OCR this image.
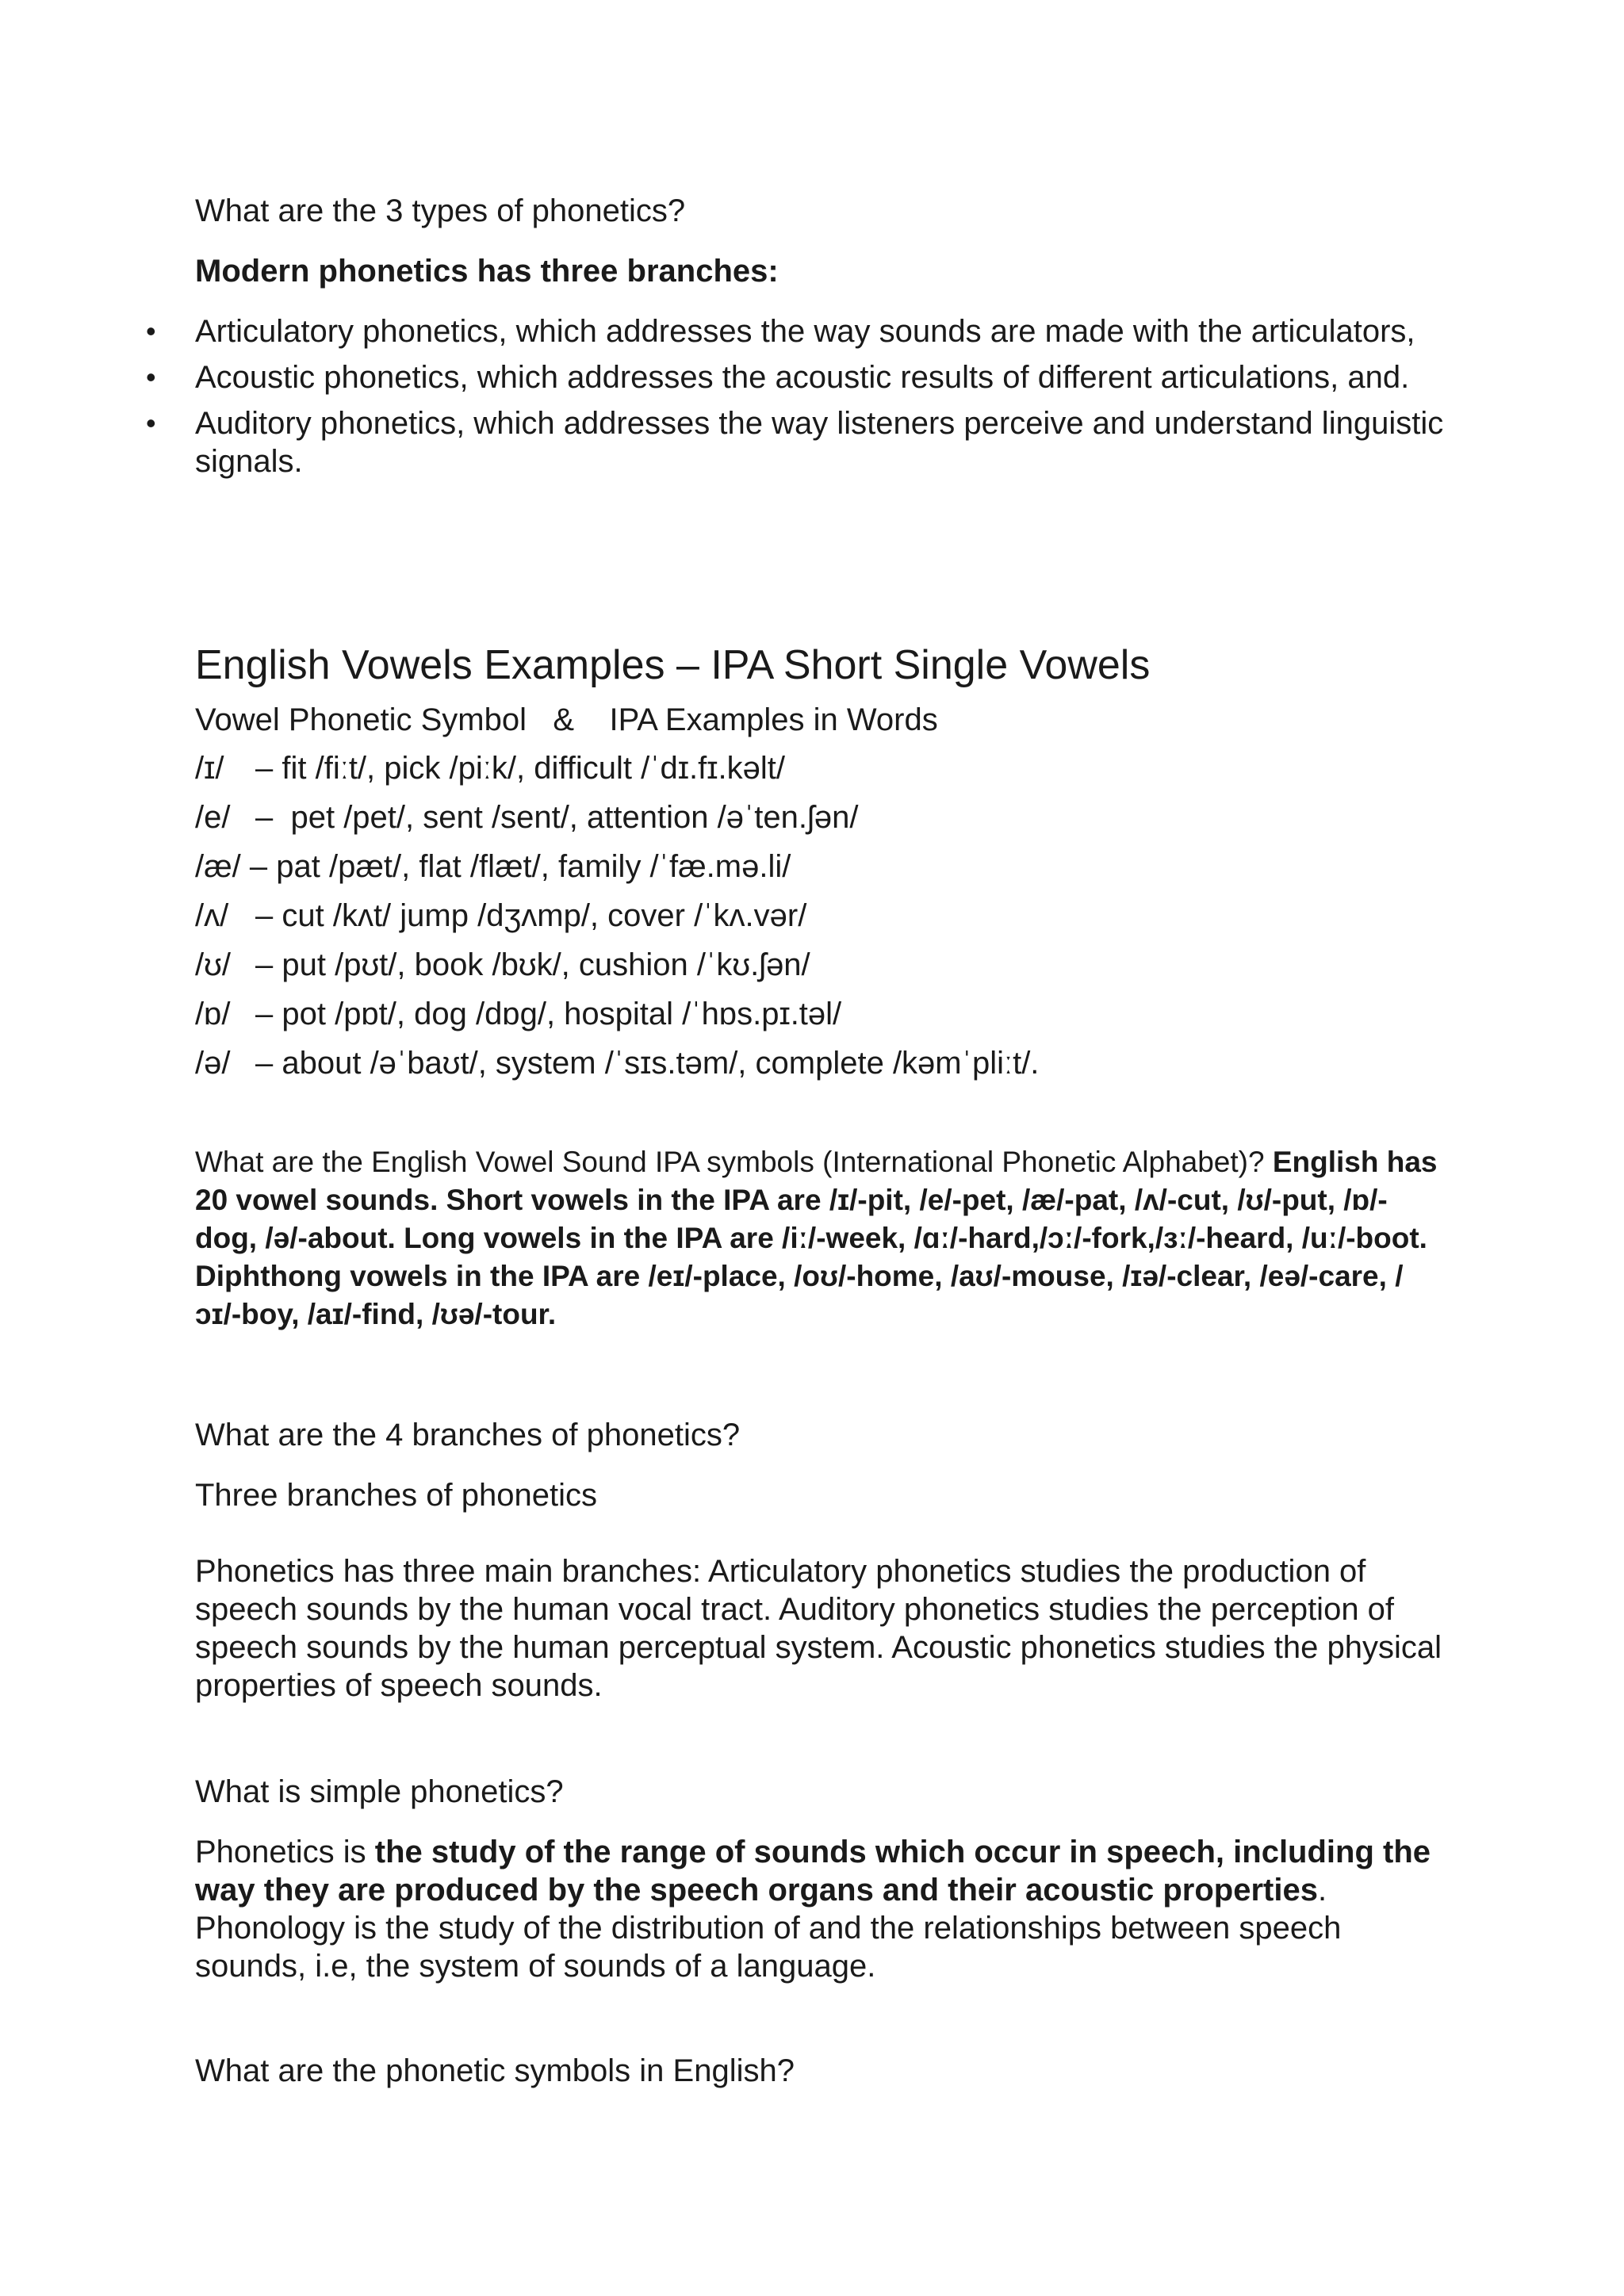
What are the 3 types of phonetics?
Modern phonetics has three branches:
• Articulatory phonetics, which addresses the way sounds are made with the articulators,
• Acoustic phonetics, which addresses the acoustic results of different articulations, and.
• Auditory phonetics, which addresses the way listeners perceive and understand linguistic signals.
English Vowels Examples – IPA Short Single Vowels
Vowel Phonetic Symbol   &    IPA Examples in Words
/ɪ/ – fit /fiːt/, pick /piːk/, difficult /ˈdɪ.fɪ.kəlt/
/e/ –  pet /pet/, sent /sent/, attention /əˈten.ʃən/
/æ/ – pat /pæt/, flat /flæt/, family /ˈfæ.mə.li/
/ʌ/ – cut /kʌt/ jump /dʒʌmp/, cover /ˈkʌ.vər/
/ʊ/ – put /pʊt/, book /bʊk/, cushion /ˈkʊ.ʃən/
/ɒ/ – pot /pɒt/, dog /dɒg/, hospital /ˈhɒs.pɪ.təl/
/ə/ – about /əˈbaʊt/, system /ˈsɪs.təm/, complete /kəmˈpliːt/.

What are the English Vowel Sound IPA symbols (International Phonetic Alphabet)? English has 20 vowel sounds. Short vowels in the IPA are /ɪ/-pit, /e/-pet, /æ/-pat, /ʌ/-cut, /ʊ/-put, /ɒ/-dog, /ə/-about. Long vowels in the IPA are /iː/-week, /ɑː/-hard,/ɔː/-fork,/ɜː/-heard, /uː/-boot. Diphthong vowels in the IPA are /eɪ/-place, /oʊ/-home, /aʊ/-mouse, /ɪə/-clear, /eə/-care, /ɔɪ/-boy, /aɪ/-find, /ʊə/-tour.

What are the 4 branches of phonetics?
Three branches of phonetics

Phonetics has three main branches: Articulatory phonetics studies the production of speech sounds by the human vocal tract. Auditory phonetics studies the perception of speech sounds by the human perceptual system. Acoustic phonetics studies the physical properties of speech sounds.

What is simple phonetics?

Phonetics is the study of the range of sounds which occur in speech, including the way they are produced by the speech organs and their acoustic properties. Phonology is the study of the distribution of and the relationships between speech sounds, i.e, the system of sounds of a language.

What are the phonetic symbols in English?
